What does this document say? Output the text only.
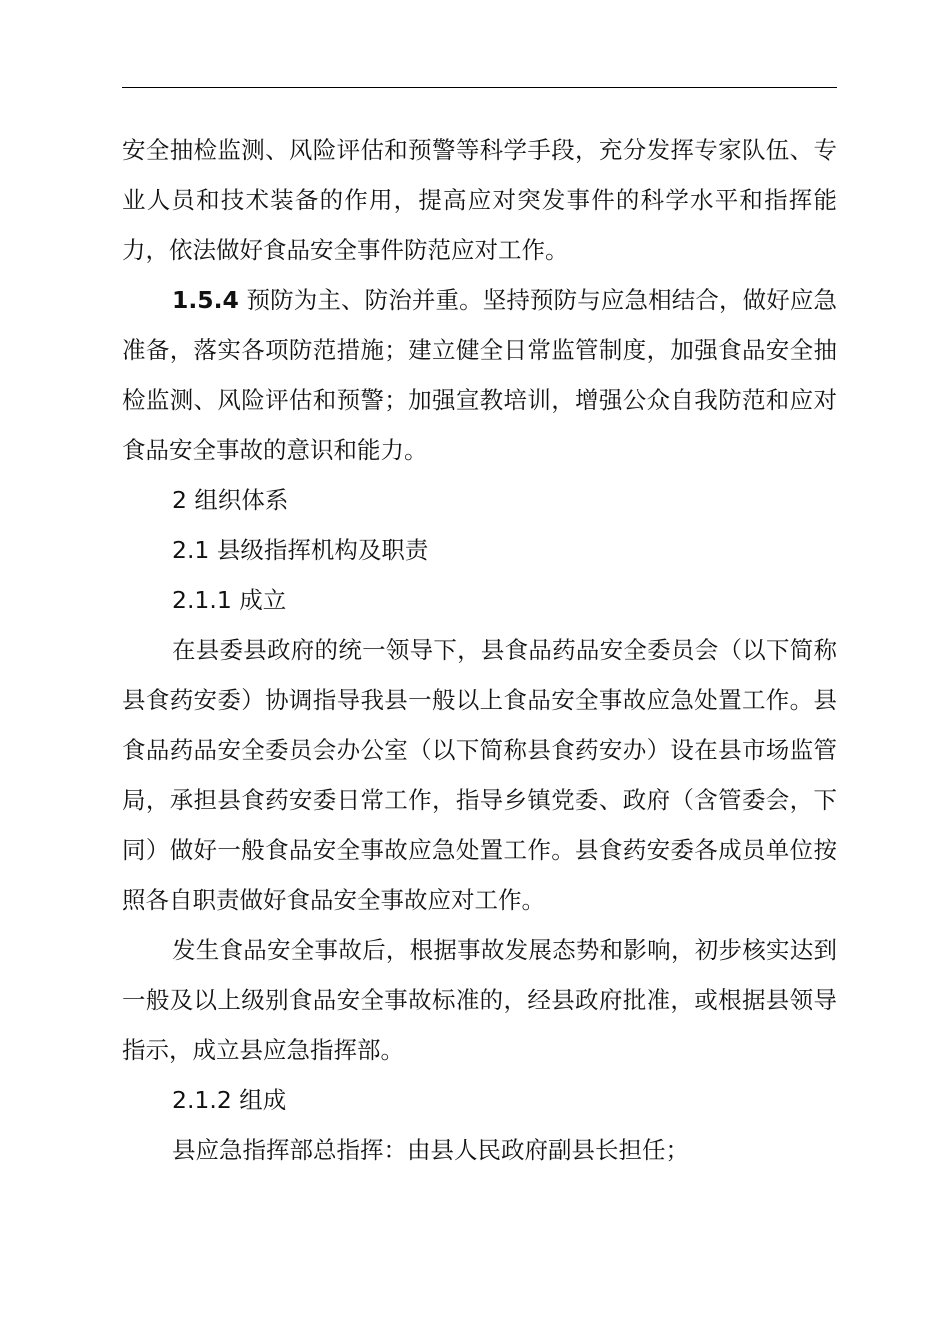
安全抽检监测、风险评估和预警等科学手段，充分发挥专家队伍、专业人员和技术装备的作用，提高应对突发事件的科学水平和指挥能力，依法做好食品安全事件防范应对工作。

1.5.4 预防为主、防治并重。坚持预防与应急相结合，做好应急准备，落实各项防范措施；建立健全日常监管制度，加强食品安全抽检监测、风险评估和预警；加强宣教培训，增强公众自我防范和应对食品安全事故的意识和能力。

2 组织体系

2.1 县级指挥机构及职责

2.1.1 成立

在县委县政府的统一领导下，县食品药品安全委员会（以下简称县食药安委）协调指导我县一般以上食品安全事故应急处置工作。县食品药品安全委员会办公室（以下简称县食药安办）设在县市场监管局，承担县食药安委日常工作，指导乡镇党委、政府（含管委会，下同）做好一般食品安全事故应急处置工作。县食药安委各成员单位按照各自职责做好食品安全事故应对工作。

发生食品安全事故后，根据事故发展态势和影响，初步核实达到一般及以上级别食品安全事故标准的，经县政府批准，或根据县领导指示，成立县应急指挥部。

2.1.2 组成

县应急指挥部总指挥：由县人民政府副县长担任；
